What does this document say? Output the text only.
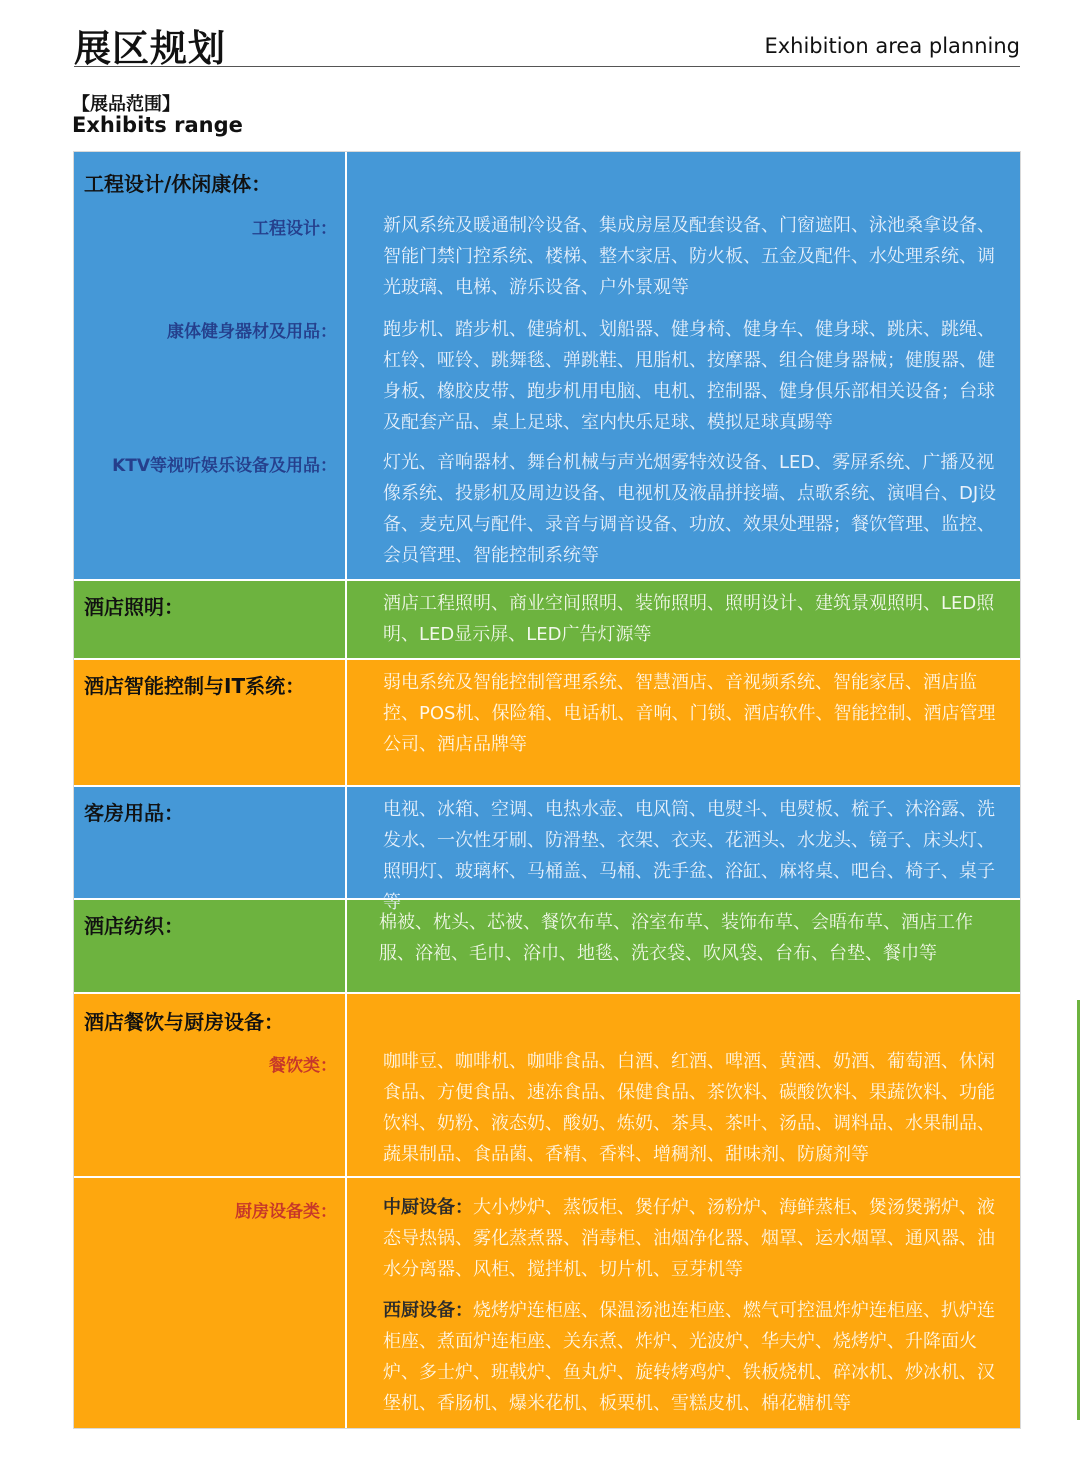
展区规划	Exhibition area planning

【展品范围】

Exhibits range

工程设计/休闲康体：

工程设计：	新风系统及暖通制冷设备、集成房屋及配套设备、门窗遮阳、泳池桑拿设备、智能门禁门控系统、楼梯、整木家居、防火板、五金及配件、水处理系统、调光玻璃、电梯、游乐设备、户外景观等
康体健身器材及用品：	跑步机、踏步机、健骑机、划船器、健身椅、健身车、健身球、跳床、跳绳、杠铃、哑铃、跳舞毯、弹跳鞋、甩脂机、按摩器、组合健身器械；健腹器、健身板、橡胶皮带、跑步机用电脑、电机、控制器、健身俱乐部相关设备；台球及配套产品、桌上足球、室内快乐足球、模拟足球真踢等
KTV等视听娱乐设备及用品：	灯光、音响器材、舞台机械与声光烟雾特效设备、LED、雾屏系统、广播及视像系统、投影机及周边设备、电视机及液晶拼接墙、点歌系统、演唱台、DJ设备、麦克风与配件、录音与调音设备、功放、效果处理器；餐饮管理、监控、会员管理、智能控制系统等

酒店照明：	酒店工程照明、商业空间照明、装饰照明、照明设计、建筑景观照明、LED照明、LED显示屏、LED广告灯源等

酒店智能控制与IT系统：	弱电系统及智能控制管理系统、智慧酒店、音视频系统、智能家居、酒店监控、POS机、保险箱、电话机、音响、门锁、酒店软件、智能控制、酒店管理公司、酒店品牌等

客房用品：	电视、冰箱、空调、电热水壶、电风筒、电熨斗、电熨板、梳子、沐浴露、洗发水、一次性牙刷、防滑垫、衣架、衣夹、花洒头、水龙头、镜子、床头灯、照明灯、玻璃杯、马桶盖、马桶、洗手盆、浴缸、麻将桌、吧台、椅子、桌子等

酒店纺织：	棉被、枕头、芯被、餐饮布草、浴室布草、装饰布草、会晤布草、酒店工作服、浴袍、毛巾、浴巾、地毯、洗衣袋、吹风袋、台布、台垫、餐巾等

酒店餐饮与厨房设备：

餐饮类：	咖啡豆、咖啡机、咖啡食品、白酒、红酒、啤酒、黄酒、奶酒、葡萄酒、休闲食品、方便食品、速冻食品、保健食品、茶饮料、碳酸饮料、果蔬饮料、功能饮料、奶粉、液态奶、酸奶、炼奶、茶具、茶叶、汤品、调料品、水果制品、蔬果制品、食品菌、香精、香料、增稠剂、甜味剂、防腐剂等
厨房设备类：	中厨设备：大小炒炉、蒸饭柜、煲仔炉、汤粉炉、海鲜蒸柜、煲汤煲粥炉、液态导热锅、雾化蒸煮器、消毒柜、油烟净化器、烟罩、运水烟罩、通风器、油水分离器、风柜、搅拌机、切片机、豆芽机等
西厨设备：烧烤炉连柜座、保温汤池连柜座、燃气可控温炸炉连柜座、扒炉连柜座、煮面炉连柜座、关东煮、炸炉、光波炉、华夫炉、烧烤炉、升降面火炉、多士炉、班戟炉、鱼丸炉、旋转烤鸡炉、铁板烧机、碎冰机、炒冰机、汉堡机、香肠机、爆米花机、板栗机、雪糕皮机、棉花糖机等
